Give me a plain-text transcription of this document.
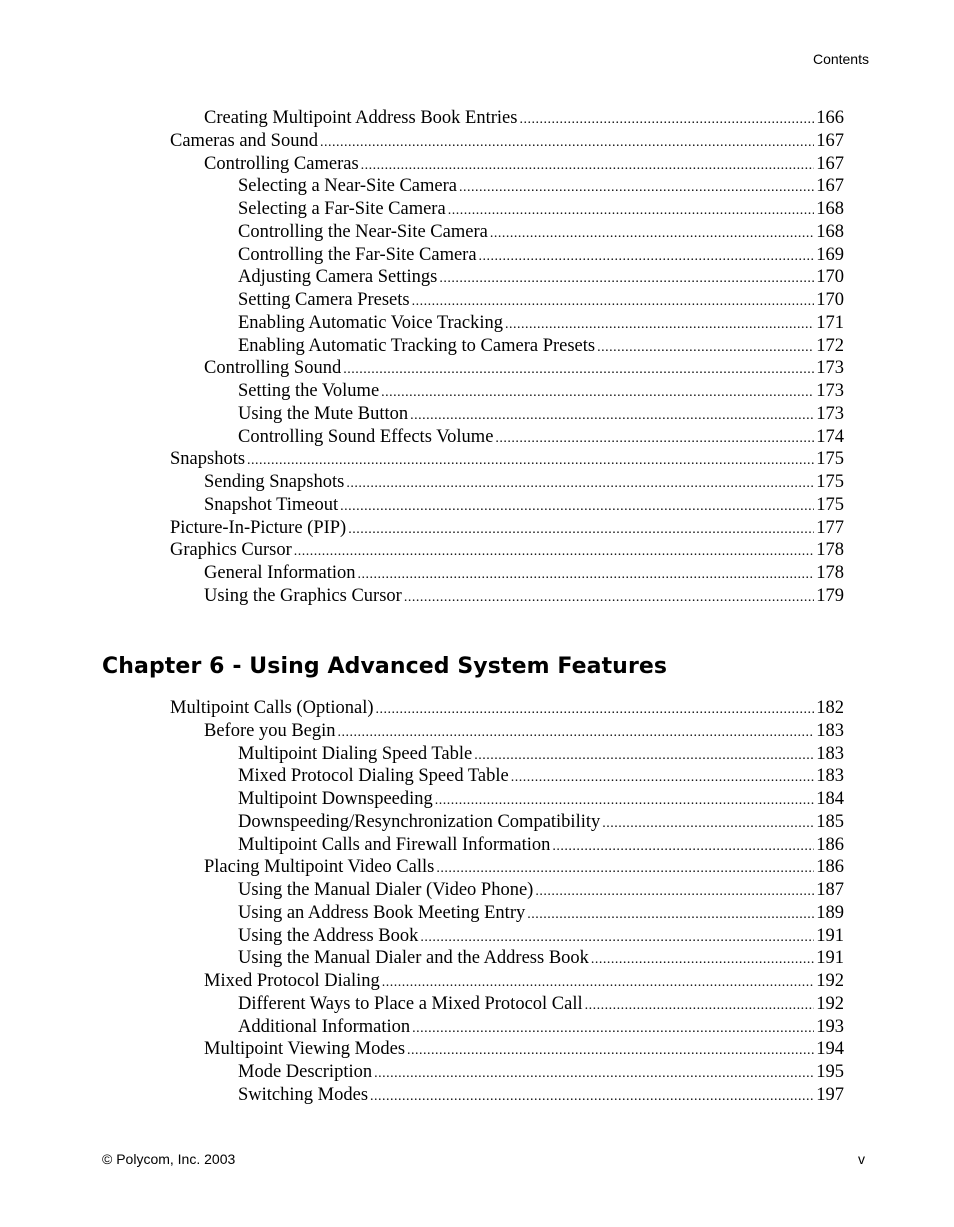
Contents
Creating Multipoint Address Book Entries .....	166
Cameras and Sound .....	167
Controlling Cameras .....	167
Selecting a Near-Site Camera .....	167
Selecting a Far-Site Camera .....	168
Controlling the Near-Site Camera .....	168
Controlling the Far-Site Camera .....	169
Adjusting Camera Settings .....	170
Setting Camera Presets .....	170
Enabling Automatic Voice Tracking .....	171
Enabling Automatic Tracking to Camera Presets .....	172
Controlling Sound .....	173
Setting the Volume .....	173
Using the Mute Button .....	173
Controlling Sound Effects Volume .....	174
Snapshots .....	175
Sending Snapshots .....	175
Snapshot Timeout .....	175
Picture-In-Picture (PIP) .....	177
Graphics Cursor .....	178
General Information .....	178
Using the Graphics Cursor .....	179
Chapter 6 - Using Advanced System Features
Multipoint Calls (Optional) .....	182
Before you Begin .....	183
Multipoint Dialing Speed Table .....	183
Mixed Protocol Dialing Speed Table .....	183
Multipoint Downspeeding .....	184
Downspeeding/Resynchronization Compatibility .....	185
Multipoint Calls and Firewall Information .....	186
Placing Multipoint Video Calls .....	186
Using the Manual Dialer (Video Phone) .....	187
Using an Address Book Meeting Entry .....	189
Using the Address Book .....	191
Using the Manual Dialer and the Address Book .....	191
Mixed Protocol Dialing .....	192
Different Ways to Place a Mixed Protocol Call .....	192
Additional Information .....	193
Multipoint Viewing Modes .....	194
Mode Description .....	195
Switching Modes .....	197
© Polycom, Inc. 2003	v
